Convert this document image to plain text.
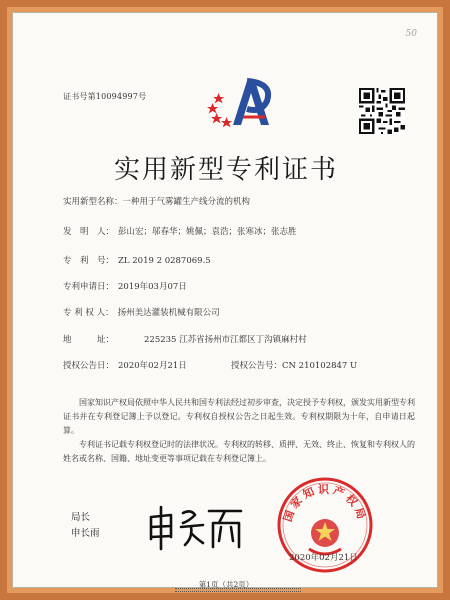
50
证书号第10094997号
实用新型专利证书
实用新型名称：一种用于气雾罐生产线分流的机构
发　明　人： 彭山宏；邬春华；姚佩；袁浩；张寒冰；张志胜
专　利　号： ZL 2019 2 0287069.5
专利申请日： 2019年03月07日
专 利 权 人： 扬州美达灌装机械有限公司
地　　　址：	225235 江苏省扬州市江都区丁沟镇麻村村
授权公告日： 2020年02月21日	授权公告号：CN 210102847 U

国家知识产权局依照中华人民共和国专利法经过初步审查，决定授予专利权，颁发实用新型专利证书并在专利登记簿上予以登记。专利权自授权公告之日起生效。专利权期限为十年，自申请日起算。

专利证书记载专利权登记时的法律状况。专利权的转移、质押、无效、终止、恢复和专利权人的姓名或名称、国籍、地址变更等事项记载在专利登记簿上。

局长
申长雨
国家知识产权局
2020年02月21日
第1页（共2页）
